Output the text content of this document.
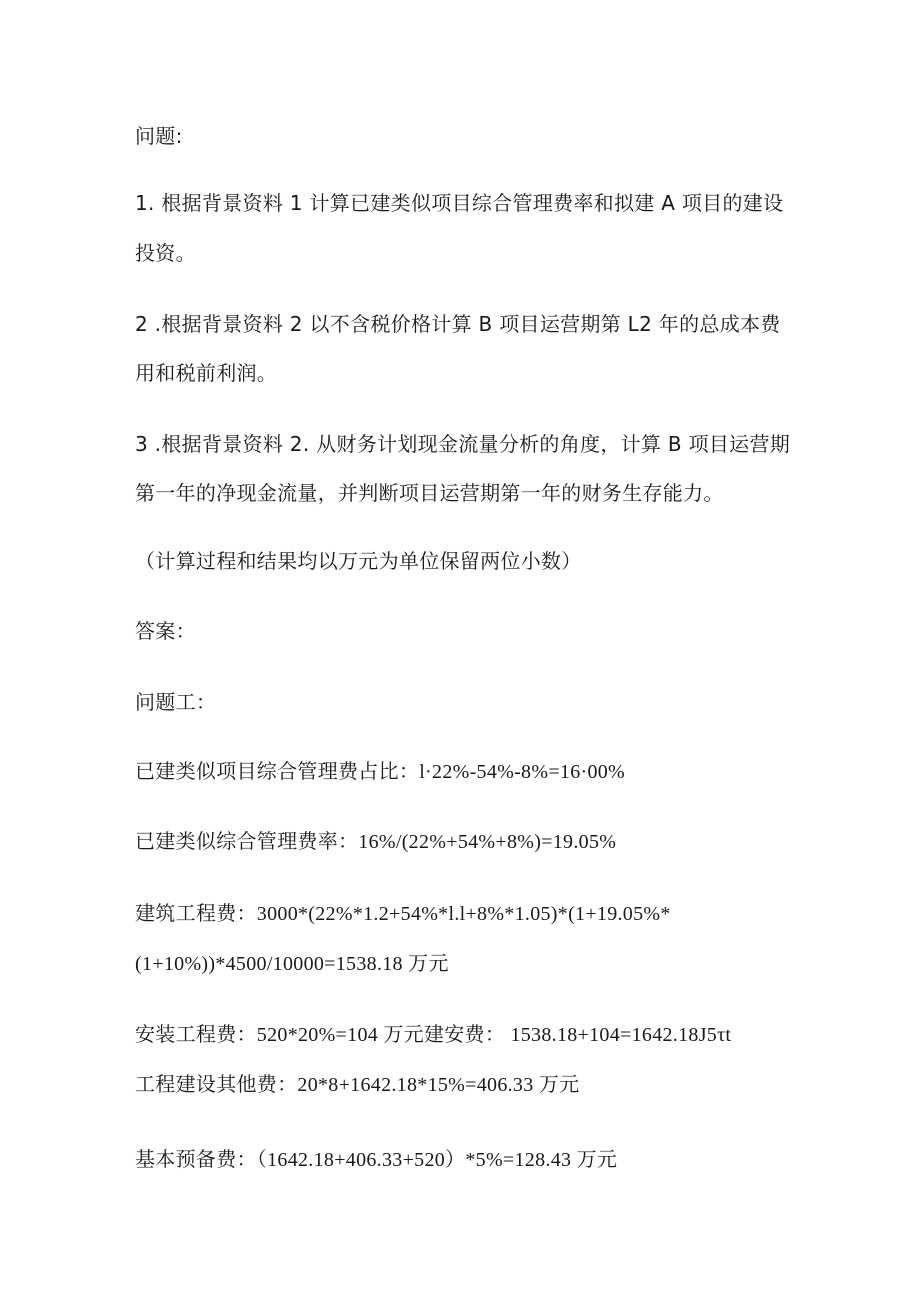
问题:
1. 根据背景资料 1 计算已建类似项目综合管理费率和拟建 A 项目的建设
投资。
2 .根据背景资料 2 以不含税价格计算 B 项目运营期第 L2 年的总成本费
用和税前利润。
3 .根据背景资料 2. 从财务计划现金流量分析的角度，计算 B 项目运营期
第一年的净现金流量，并判断项目运营期第一年的财务生存能力。
（计算过程和结果均以万元为单位保留两位小数）
答案：
问题工：
已建类似项目综合管理费占比：l·22%-54%-8%=16·00%
已建类似综合管理费率：16%/(22%+54%+8%)=19.05%
建筑工程费：3000*(22%*1.2+54%*l.l+8%*1.05)*(1+19.05%*
(1+10%))*4500/10000=1538.18 万元
安装工程费：520*20%=104 万元建安费： 1538.18+104=1642.18J5τt
工程建设其他费：20*8+1642.18*15%=406.33 万元
基本预备费：（1642.18+406.33+520）*5%=128.43 万元
